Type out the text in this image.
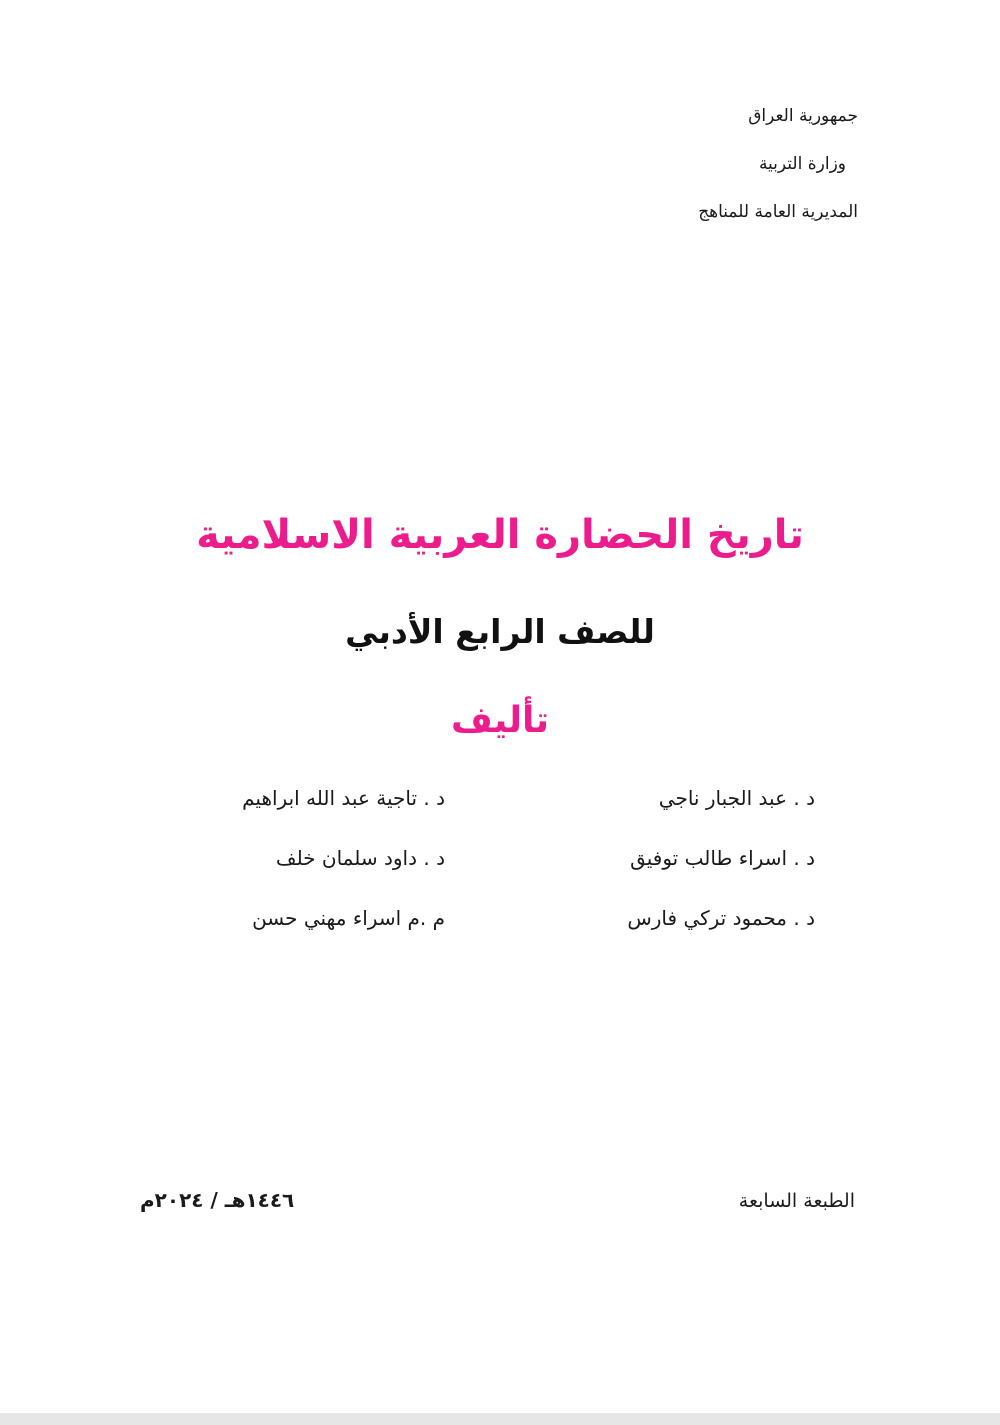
جمهورية العراق
وزارة التربية
المديرية العامة للمناهج
تاريخ الحضارة العربية الاسلامية
للصف الرابع الأدبي
تأليف
د . عبد الجبار ناجي
د . اسراء طالب توفيق
د . محمود تركي فارس
د . تاجية عبد الله ابراهيم
د . داود سلمان خلف
م .م اسراء مهني حسن
الطبعة السابعة
١٤٤٦هـ / ٢٠٢٤م
